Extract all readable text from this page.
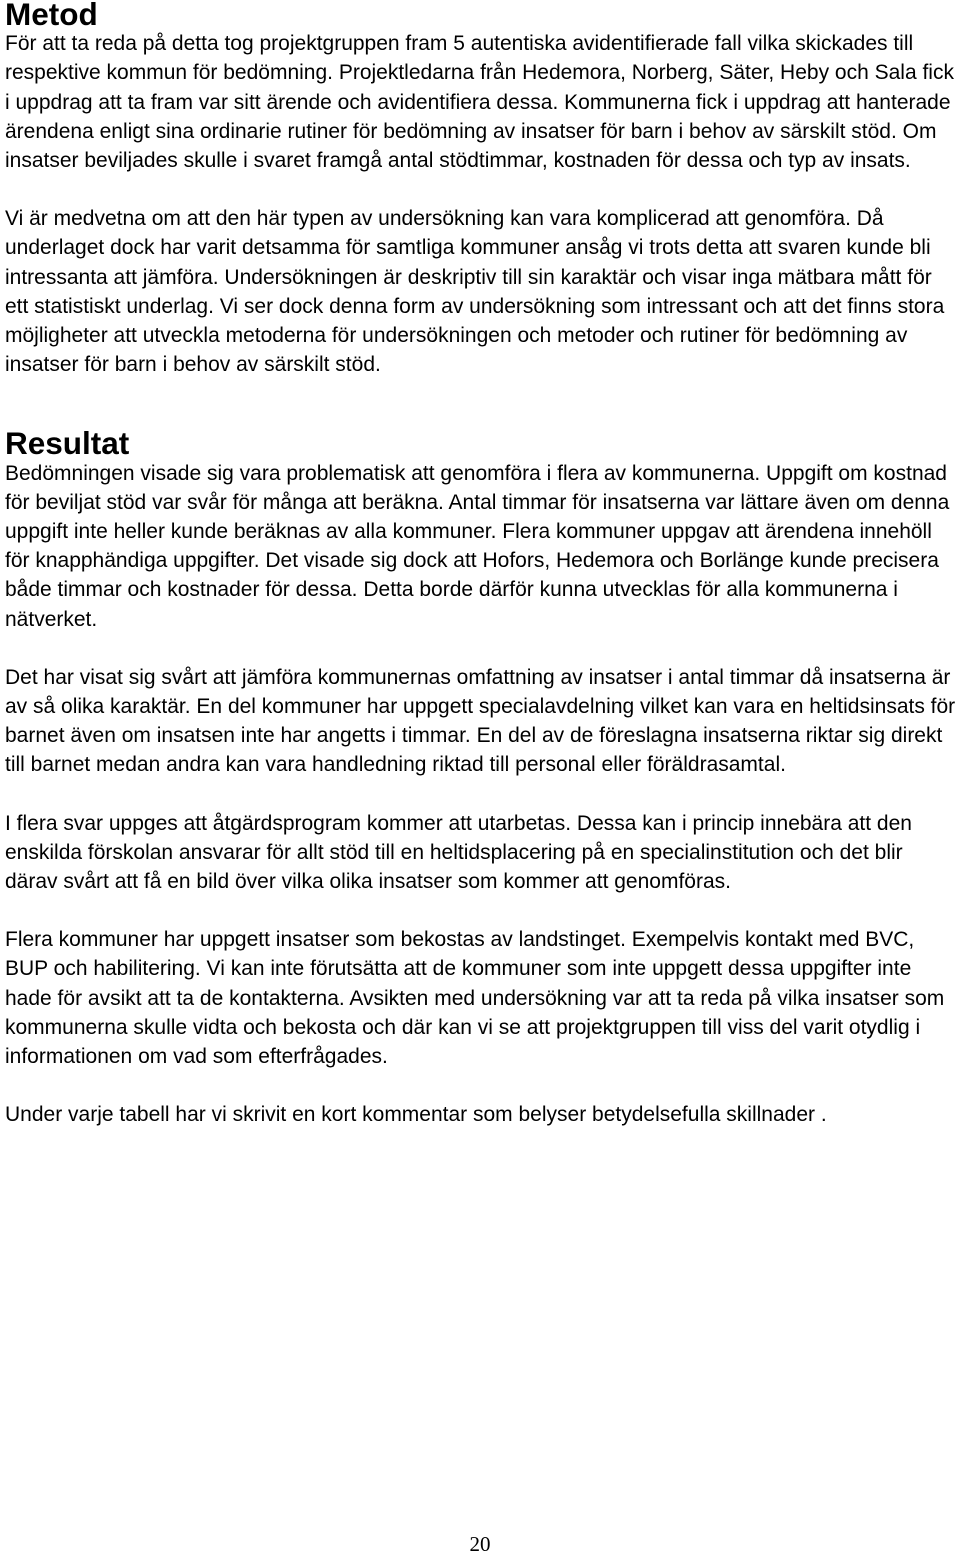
Metod

För att ta reda på detta tog projektgruppen fram 5 autentiska avidentifierade fall vilka skickades till respektive kommun för bedömning. Projektledarna från Hedemora, Norberg, Säter, Heby och Sala fick i uppdrag att ta fram var sitt ärende och avidentifiera dessa. Kommunerna fick i uppdrag att hanterade ärendena enligt sina ordinarie rutiner för bedömning av insatser för barn i behov av särskilt stöd. Om insatser beviljades skulle i svaret framgå antal stödtimmar, kostnaden för dessa och typ av insats.

Vi är medvetna om att den här typen av undersökning kan vara komplicerad att genomföra. Då underlaget dock har varit detsamma för samtliga kommuner ansåg vi trots detta att svaren kunde bli intressanta att jämföra. Undersökningen är deskriptiv till sin karaktär och visar inga mätbara mått för ett statistiskt underlag. Vi ser dock denna form av undersökning som intressant och att det finns stora möjligheter att utveckla metoderna för undersökningen och metoder och rutiner för bedömning av insatser för barn i behov av särskilt stöd.

Resultat

Bedömningen visade sig vara problematisk att genomföra i flera av kommunerna. Uppgift om kostnad för beviljat stöd var svår för många att beräkna. Antal timmar för insatserna var lättare även om denna uppgift inte heller kunde beräknas av alla kommuner. Flera kommuner uppgav att ärendena innehöll för knapphändiga uppgifter. Det visade sig dock att Hofors, Hedemora och Borlänge kunde precisera både timmar och kostnader för dessa. Detta borde därför kunna utvecklas för alla kommunerna i nätverket.

Det har visat sig svårt att jämföra kommunernas omfattning av insatser i antal timmar då insatserna är av så olika karaktär. En del kommuner har uppgett specialavdelning vilket kan vara en heltidsinsats för barnet även om insatsen inte har angetts i timmar. En del av de föreslagna insatserna riktar sig direkt till barnet medan andra kan vara handledning riktad till personal eller föräldrasamtal.

I flera svar uppges att åtgärdsprogram kommer att utarbetas. Dessa kan i princip innebära att den enskilda förskolan ansvarar för allt stöd till en heltidsplacering på en specialinstitution och det blir därav svårt att få en bild över vilka olika insatser som kommer att genomföras.

Flera kommuner har uppgett insatser som bekostas av landstinget. Exempelvis kontakt med BVC, BUP och habilitering. Vi kan inte förutsätta att de kommuner som inte uppgett dessa uppgifter inte hade för avsikt att ta de kontakterna. Avsikten med undersökning var att ta reda på vilka insatser som kommunerna skulle vidta och bekosta och där kan vi se att projektgruppen till viss del varit otydlig i informationen om vad som efterfrågades.

Under varje tabell har vi skrivit en kort kommentar som belyser betydelsefulla skillnader .

20
